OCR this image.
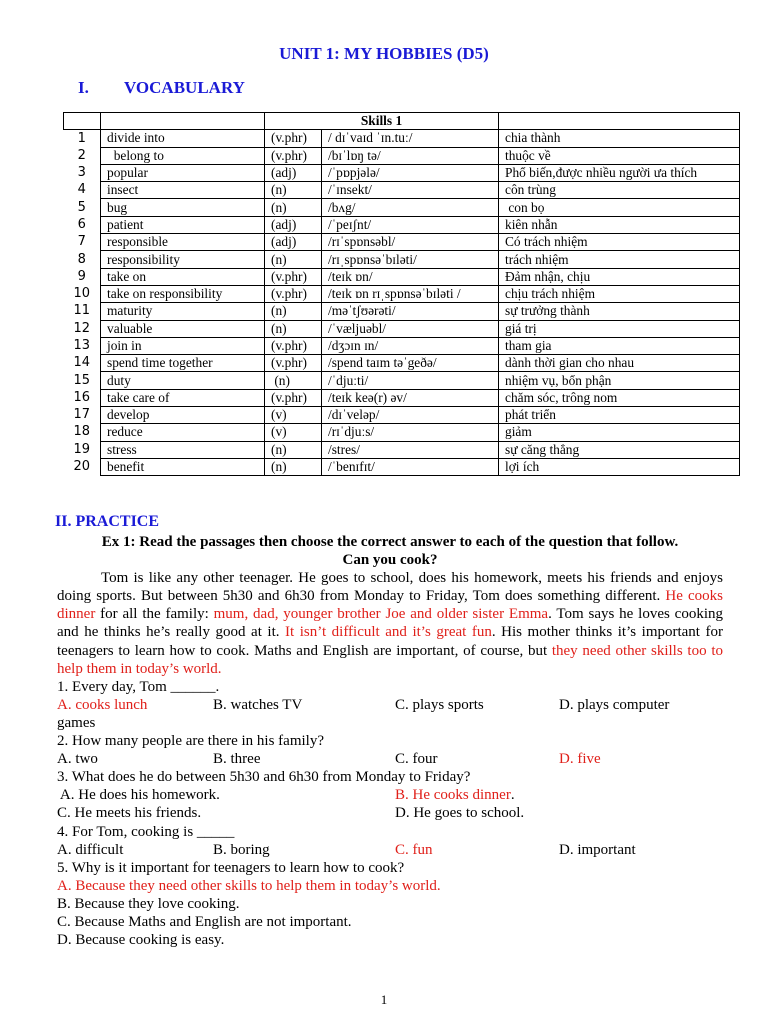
UNIT 1: MY HOBBIES (D5)
I. VOCABULARY
		Skills 1		
1	divide into	(v.phr)	/ dɪˈvaɪd ˈɪn.tuː/	chia thành
2	belong to	(v.phr)	/bɪˈlɒŋ tə/	thuộc về
3	popular	(adj)	/ˈpɒpjələ/	Phổ biến,được nhiều người ưa thích
4	insect	(n)	/ˈɪnsekt/	côn trùng
5	bug	(n)	/bʌg/	con bọ
6	patient	(adj)	/ˈpeɪʃnt/	kiên nhẫn
7	responsible	(adj)	/rɪˈspɒnsəbl/	Có trách nhiệm
8	responsibility	(n)	/rɪˌspɒnsəˈbɪləti/	trách nhiệm
9	take on	(v.phr)	/teɪk ɒn/	Đảm nhận, chịu
10	take on responsibility	(v.phr)	/teɪk ɒn rɪˌspɒnsəˈbɪləti /	chịu trách nhiệm
11	maturity	(n)	/məˈtʃʊərəti/	sự trưởng thành
12	valuable	(n)	/ˈvæljuəbl/	giá trị
13	join in	(v.phr)	/dʒɔɪn ɪn/	tham gia
14	spend time together	(v.phr)	/spend taɪm təˈgeðə/	dành thời gian cho nhau
15	duty	(n)	/ˈdjuːti/	nhiệm vụ, bổn phận
16	take care of	(v.phr)	/teɪk keə(r) əv/	chăm sóc, trông nom
17	develop	(v)	/dɪˈveləp/	phát triển
18	reduce	(v)	/rɪˈdjuːs/	giảm
19	stress	(n)	/stres/	sự căng thẳng
20	benefit	(n)	/ˈbenɪfɪt/	lợi ích
II. PRACTICE
Ex 1: Read the passages then choose the correct answer to each of the question that follow.
Can you cook?
Tom is like any other teenager. He goes to school, does his homework, meets his friends and enjoys doing sports. But between 5h30 and 6h30 from Monday to Friday, Tom does something different. He cooks dinner for all the family: mum, dad, younger brother Joe and older sister Emma. Tom says he loves cooking and he thinks he’s really good at it. It isn’t difficult and it’s great fun. His mother thinks it’s important for teenagers to learn how to cook. Maths and English are important, of course, but they need other skills too to help them in today’s world.
1. Every day, Tom ______.
A. cooks lunch	B. watches TV	C. plays sports	D. plays computer
games
2. How many people are there in his family?
A. two	B. three	C. four	D. five
3. What does he do between 5h30 and 6h30 from Monday to Friday?
A. He does his homework.	B. He cooks dinner.
C. He meets his friends.	D. He goes to school.
4. For Tom, cooking is _____
A. difficult	B. boring	C. fun	D. important
5. Why is it important for teenagers to learn how to cook?
A. Because they need other skills to help them in today’s world.
B. Because they love cooking.
C. Because Maths and English are not important.
D. Because cooking is easy.
1
